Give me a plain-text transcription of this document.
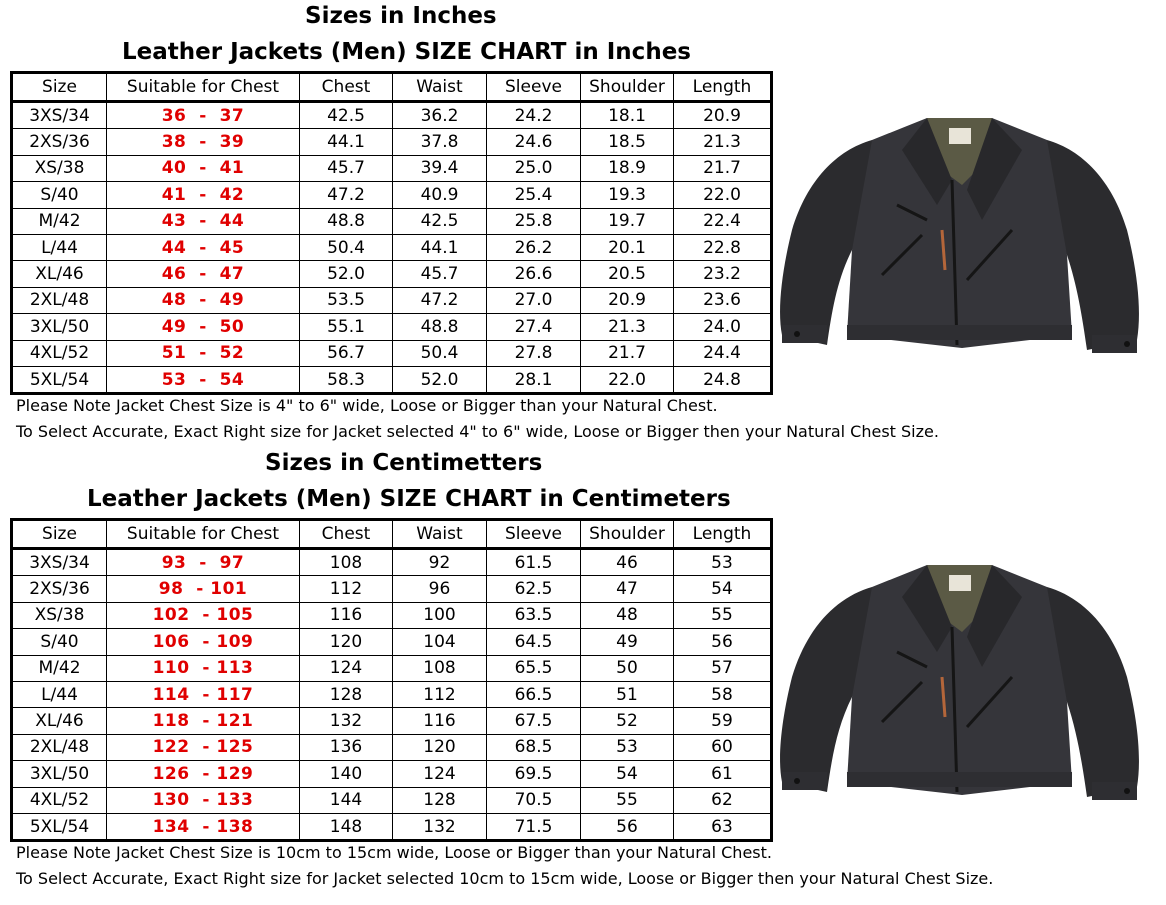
Sizes in Inches
Leather Jackets (Men) SIZE CHART in Inches
Size	Suitable for Chest	Chest	Waist	Sleeve	Shoulder	Length
3XS/34	36  -  37	42.5	36.2	24.2	18.1	20.9
2XS/36	38  -  39	44.1	37.8	24.6	18.5	21.3
XS/38	40  -  41	45.7	39.4	25.0	18.9	21.7
S/40	41  -  42	47.2	40.9	25.4	19.3	22.0
M/42	43  -  44	48.8	42.5	25.8	19.7	22.4
L/44	44  -  45	50.4	44.1	26.2	20.1	22.8
XL/46	46  -  47	52.0	45.7	26.6	20.5	23.2
2XL/48	48  -  49	53.5	47.2	27.0	20.9	23.6
3XL/50	49  -  50	55.1	48.8	27.4	21.3	24.0
4XL/52	51  -  52	56.7	50.4	27.8	21.7	24.4
5XL/54	53  -  54	58.3	52.0	28.1	22.0	24.8
Please Note Jacket Chest Size is 4" to 6" wide, Loose or Bigger than your Natural Chest.
To Select Accurate, Exact Right size for Jacket selected 4" to 6" wide, Loose or Bigger then your Natural Chest Size.
Sizes in Centimetters
Leather Jackets (Men) SIZE CHART in Centimeters
Size	Suitable for Chest	Chest	Waist	Sleeve	Shoulder	Length
3XS/34	93  -  97	108	92	61.5	46	53
2XS/36	98  - 101	112	96	62.5	47	54
XS/38	102  - 105	116	100	63.5	48	55
S/40	106  - 109	120	104	64.5	49	56
M/42	110  - 113	124	108	65.5	50	57
L/44	114  - 117	128	112	66.5	51	58
XL/46	118  - 121	132	116	67.5	52	59
2XL/48	122  - 125	136	120	68.5	53	60
3XL/50	126  - 129	140	124	69.5	54	61
4XL/52	130  - 133	144	128	70.5	55	62
5XL/54	134  - 138	148	132	71.5	56	63
Please Note Jacket Chest Size is 10cm to 15cm wide, Loose or Bigger than your Natural Chest.
To Select Accurate, Exact Right size for Jacket selected 10cm to 15cm wide, Loose or Bigger then your Natural Chest Size.
